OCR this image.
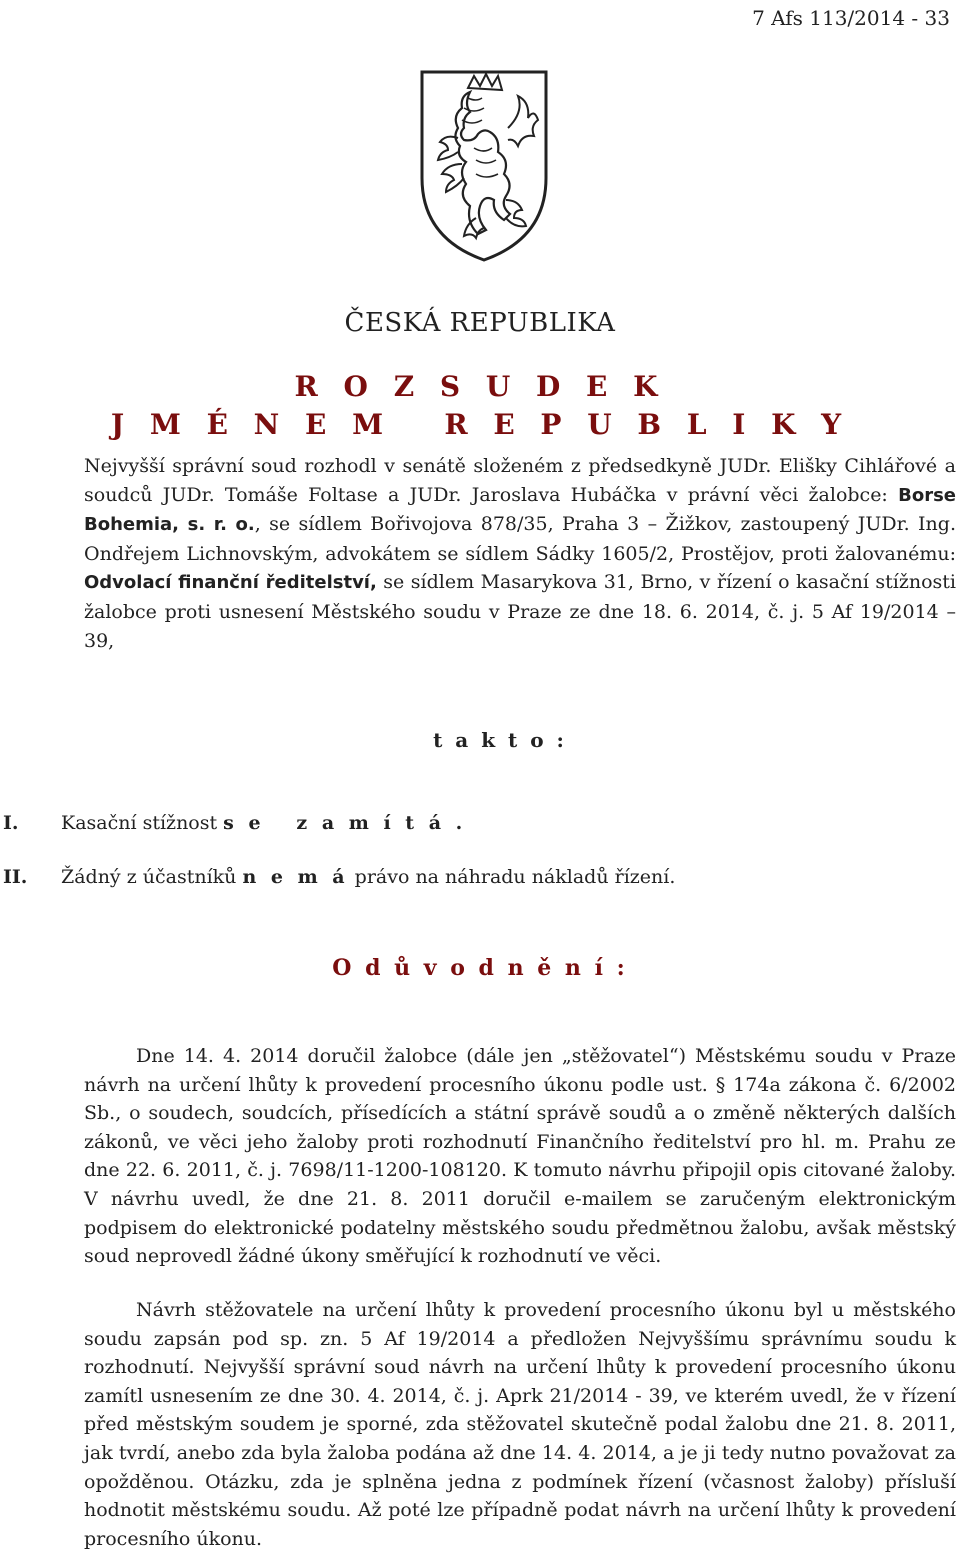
7 Afs 113/2014 - 33
ČESKÁ REPUBLIKA
R O Z S U D E K
J M É N E M   R E P U B L I K Y

Nejvyšší správní soud rozhodl v senátě složeném z předsedkyně JUDr. Elišky Cihlářové a soudců JUDr. Tomáše Foltase a JUDr. Jaroslava Hubáčka v právní věci žalobce: Borse Bohemia, s. r. o., se sídlem Bořivojova 878/35, Praha 3 – Žižkov, zastoupený JUDr. Ing. Ondřejem Lichnovským, advokátem se sídlem Sádky 1605/2, Prostějov, proti žalovanému: Odvolací finanční ředitelství, se sídlem Masarykova 31, Brno, v řízení o kasační stížnosti žalobce proti usnesení Městského soudu v Praze ze dne 18. 6. 2014, č. j. 5 Af 19/2014 – 39,

t a k t o :
I. Kasační stížnost s e   z a m í t á .
II. Žádný z účastníků n e m á právo na náhradu nákladů řízení.
O d ů v o d n ě n í :

Dne 14. 4. 2014 doručil žalobce (dále jen „stěžovatel“) Městskému soudu v Praze návrh na určení lhůty k provedení procesního úkonu podle ust. § 174a zákona č. 6/2002 Sb., o soudech, soudcích, přísedících a státní správě soudů a o změně některých dalších zákonů, ve věci jeho žaloby proti rozhodnutí Finančního ředitelství pro hl. m. Prahu ze dne 22. 6. 2011, č. j. 7698/11-1200-108120. K tomuto návrhu připojil opis citované žaloby. V návrhu uvedl, že dne 21. 8. 2011 doručil e-mailem se zaručeným elektronickým podpisem do elektronické podatelny městského soudu předmětnou žalobu, avšak městský soud neprovedl žádné úkony směřující k rozhodnutí ve věci.

Návrh stěžovatele na určení lhůty k provedení procesního úkonu byl u městského soudu zapsán pod sp. zn. 5 Af 19/2014 a předložen Nejvyššímu správnímu soudu k rozhodnutí. Nejvyšší správní soud návrh na určení lhůty k provedení procesního úkonu zamítl usnesením ze dne 30. 4. 2014, č. j. Aprk 21/2014 - 39, ve kterém uvedl, že v řízení před městským soudem je sporné, zda stěžovatel skutečně podal žalobu dne 21. 8. 2011, jak tvrdí, anebo zda byla žaloba podána až dne 14. 4. 2014, a je ji tedy nutno považovat za opožděnou. Otázku, zda je splněna jedna z podmínek řízení (včasnost žaloby) přísluší hodnotit městskému soudu. Až poté lze případně podat návrh na určení lhůty k provedení procesního úkonu.
